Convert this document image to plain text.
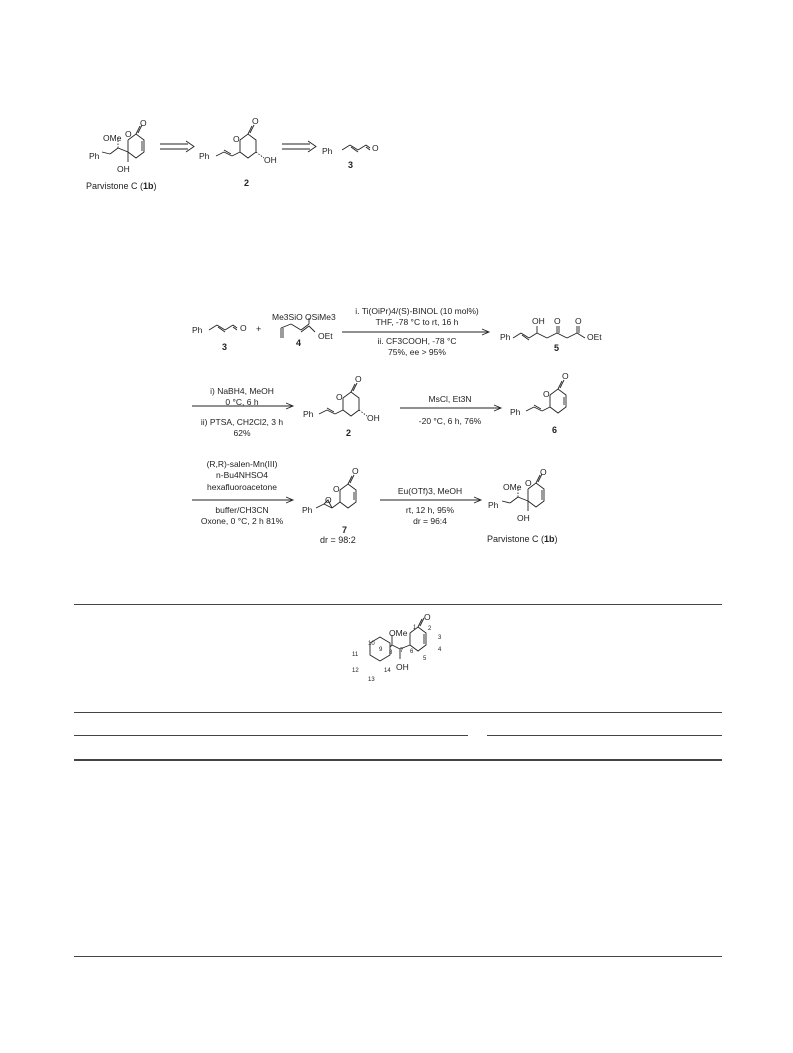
OMe O
O
Ph
OH
Parvistone C (1b)
O
O
Ph	OH
2
Ph	O
3
Ph	O
3
+
Me3SiO OSiMe3
OEt
4
i. Ti(OiPr)4/(S)-BINOL (10 mol%)
THF, -78 °C to rt, 16 h
ii. CF3COOH, -78 °C
75%, ee > 95%
Ph
OH O O
OEt
5
i) NaBH4, MeOH
0 °C, 6 h
ii) PTSA, CH2Cl2, 3 h
62%
O
O
Ph	OH
2
MsCl, Et3N
-20 °C, 6 h, 76%
O
O
Ph
6
(R,R)-salen-Mn(III)
n-Bu4NHSO4
hexafluoroacetone
buffer/CH3CN
Oxone, 0 °C, 2 h 81%
O
O
O
Ph
7
dr = 98:2
Eu(OTf)3, MeOH
rt, 12 h, 95%
dr = 96:4
OMe O
O
Ph
OH
Parvistone C (1b)
OMe
OH
O
1 2
3
4
5
6
7
8
9
10
11
12
13
14
